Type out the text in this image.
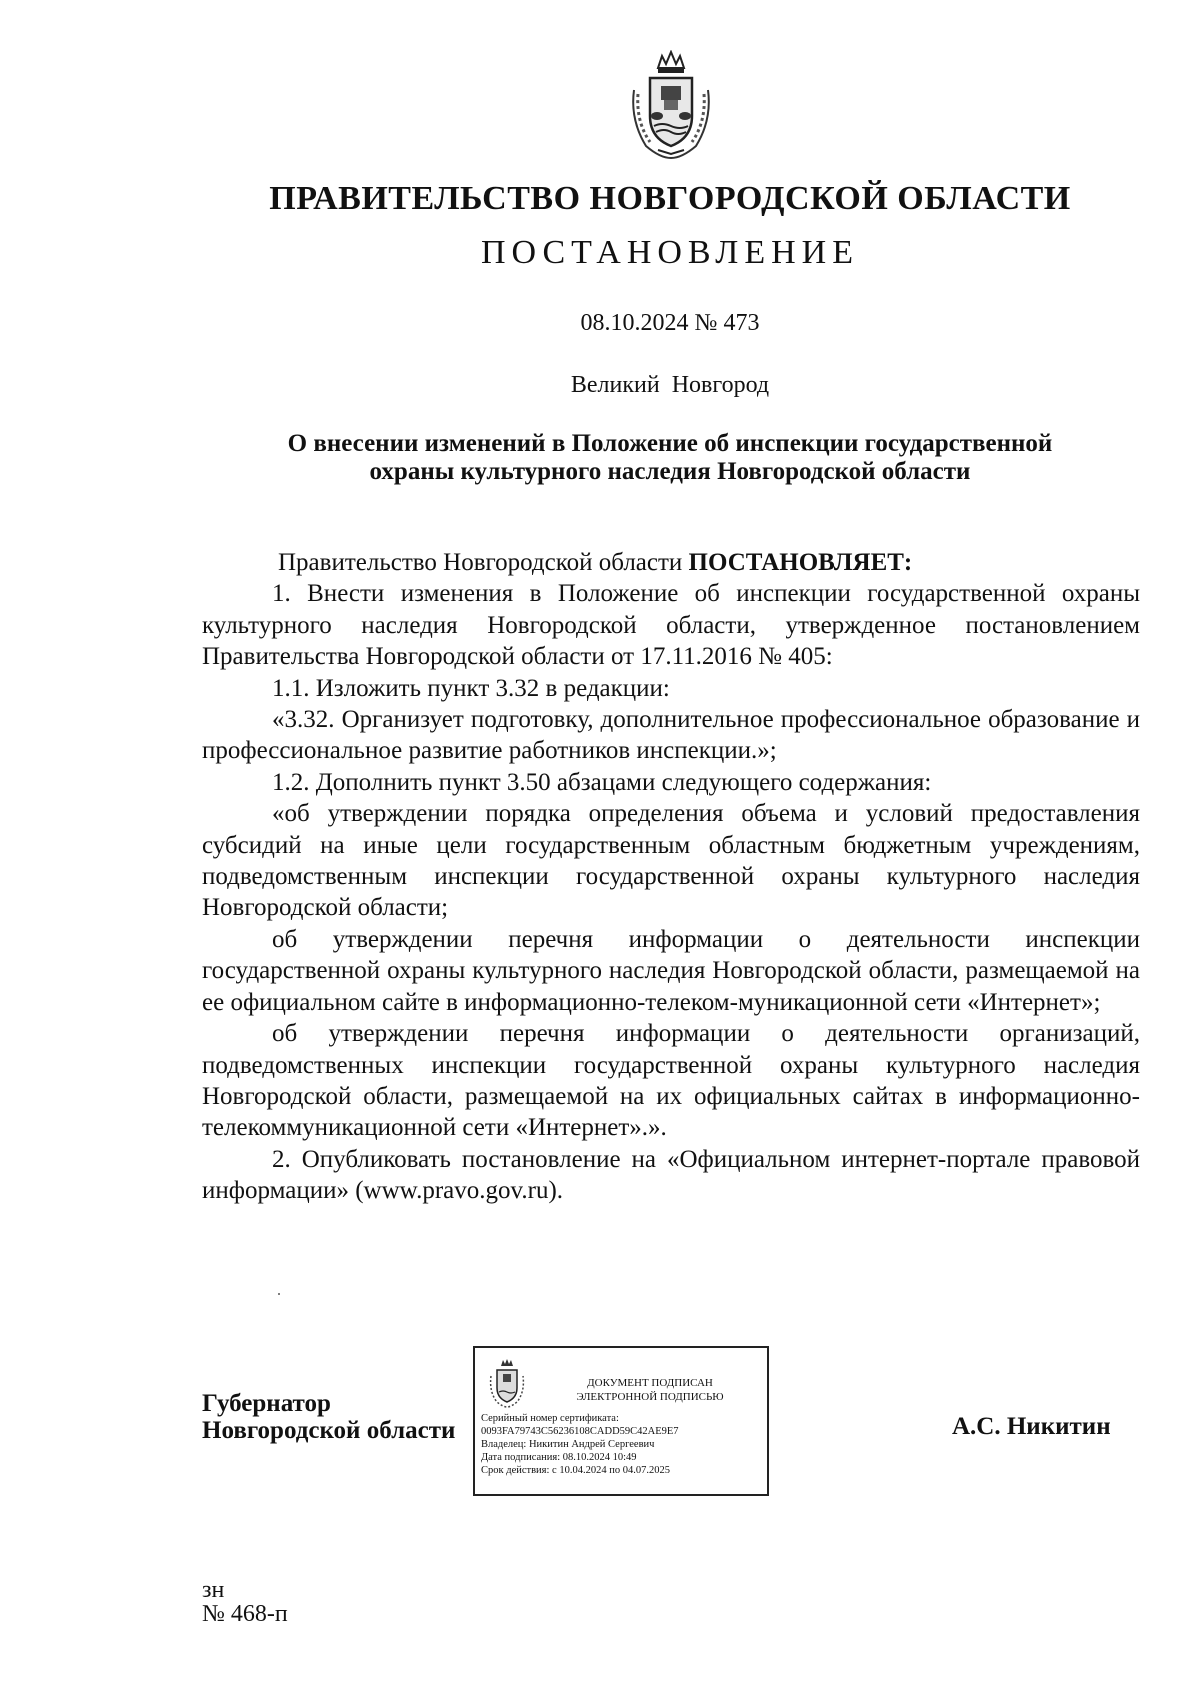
ПРАВИТЕЛЬСТВО НОВГОРОДСКОЙ ОБЛАСТИ
ПОСТАНОВЛЕНИЕ
08.10.2024 № 473
Великий Новгород
О внесении изменений в Положение об инспекции государственной
охраны культурного наследия Новгородской области

Правительство Новгородской области ПОСТАНОВЛЯЕТ:

1. Внести изменения в Положение об инспекции государственной охраны культурного наследия Новгородской области, утвержденное постановлением Правительства Новгородской области от 17.11.2016 № 405:

1.1. Изложить пункт 3.32 в редакции:

«3.32. Организует подготовку, дополнительное профессиональное образование и профессиональное развитие работников инспекции.»;

1.2. Дополнить пункт 3.50 абзацами следующего содержания:

«об утверждении порядка определения объема и условий предоставления субсидий на иные цели государственным областным бюджетным учреждениям, подведомственным инспекции государственной охраны культурного наследия Новгородской области;

об утверждении перечня информации о деятельности инспекции государственной охраны культурного наследия Новгородской области, размещаемой на ее официальном сайте в информационно-телеком-муникационной сети «Интернет»;

об утверждении перечня информации о деятельности организаций, подведомственных инспекции государственной охраны культурного наследия Новгородской области, размещаемой на их официальных сайтах в информационно-телекоммуникационной сети «Интернет».».

2. Опубликовать постановление на «Официальном интернет-портале правовой информации» (www.pravo.gov.ru).

Губернатор
Новгородской области
ДОКУМЕНТ ПОДПИСАН
ЭЛЕКТРОННОЙ ПОДПИСЬЮ
Серийный номер сертификата:
0093FA79743C56236108CADD59C42AE9E7
Владелец: Никитин Андрей Сергеевич
Дата подписания: 08.10.2024 10:49
Срок действия: с 10.04.2024 по 04.07.2025
А.С. Никитин
зн
№ 468-п
